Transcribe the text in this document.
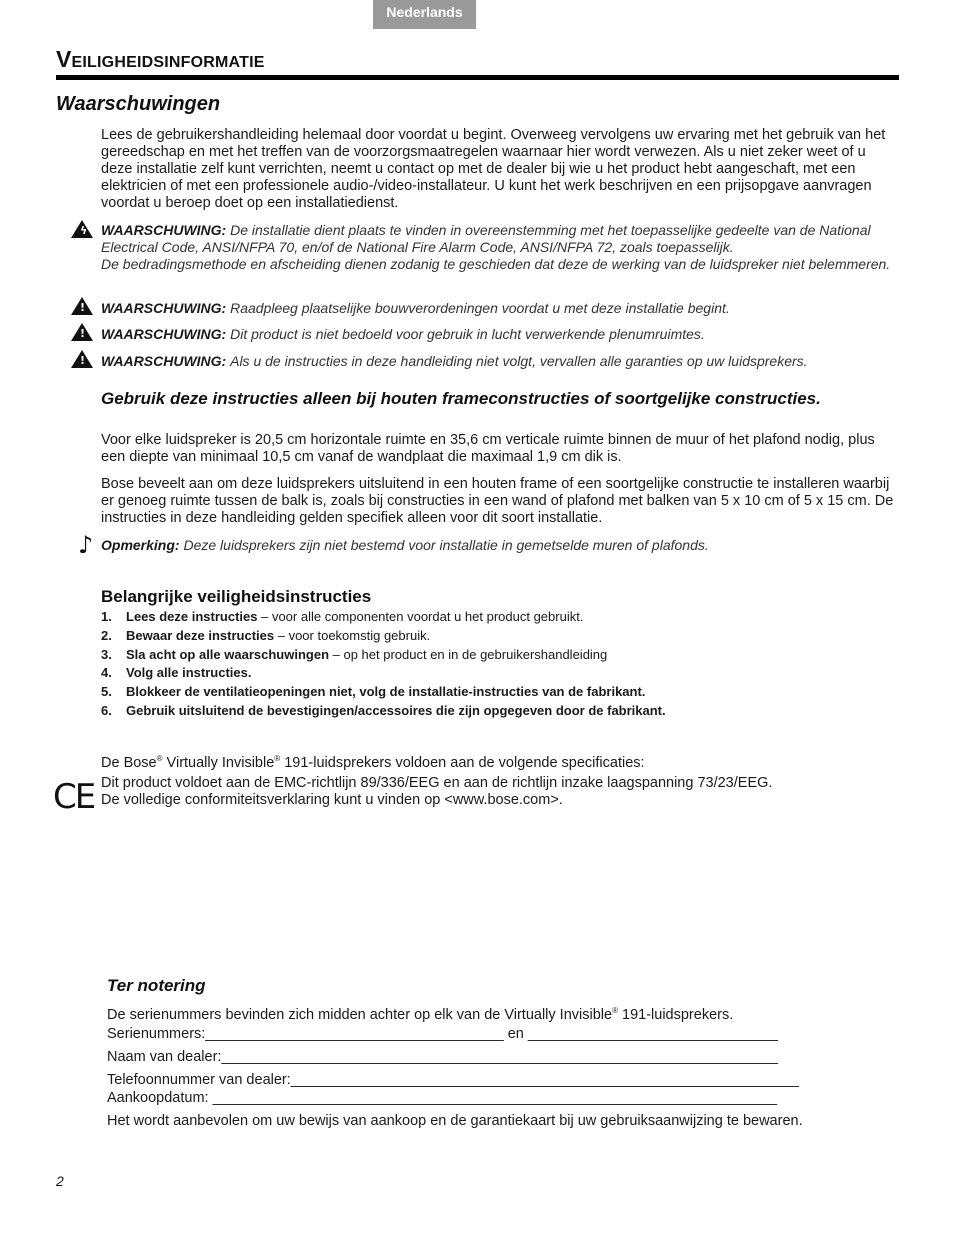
Nederlands
Veiligheidsinformatie
Waarschuwingen
Lees de gebruikershandleiding helemaal door voordat u begint. Overweeg vervolgens uw ervaring met het gebruik van het gereedschap en met het treffen van de voorzorgsmaatregelen waarnaar hier wordt verwezen. Als u niet zeker weet of u deze installatie zelf kunt verrichten, neemt u contact op met de dealer bij wie u het product hebt aangeschaft, met een elektricien of met een professionele audio-/video-installateur. U kunt het werk beschrijven en een prijsopgave aanvragen voordat u beroep doet op een installatiedienst.
ϟ WAARSCHUWING: De installatie dient plaats te vinden in overeenstemming met het toepasselijke gedeelte van de National Electrical Code, ANSI/NFPA 70, en/of de National Fire Alarm Code, ANSI/NFPA 72, zoals toepasselijk.
De bedradingsmethode en afscheiding dienen zodanig te geschieden dat deze de werking van de luidspreker niet belemmeren.
! WAARSCHUWING: Raadpleeg plaatselijke bouwverordeningen voordat u met deze installatie begint.
! WAARSCHUWING: Dit product is niet bedoeld voor gebruik in lucht verwerkende plenumruimtes.
! WAARSCHUWING: Als u de instructies in deze handleiding niet volgt, vervallen alle garanties op uw luidsprekers.
Gebruik deze instructies alleen bij houten frameconstructies of soortgelijke constructies.
Voor elke luidspreker is 20,5 cm horizontale ruimte en 35,6 cm verticale ruimte binnen de muur of het plafond nodig, plus een diepte van minimaal 10,5 cm vanaf de wandplaat die maximaal 1,9 cm dik is.
Bose beveelt aan om deze luidsprekers uitsluitend in een houten frame of een soortgelijke constructie te installeren waarbij er genoeg ruimte tussen de balk is, zoals bij constructies in een wand of plafond met balken van 5 x 10 cm of 5 x 15 cm. De instructies in deze handleiding gelden specifiek alleen voor dit soort installatie.
♪ Opmerking: Deze luidsprekers zijn niet bestemd voor installatie in gemetselde muren of plafonds.
Belangrijke veiligheidsinstructies
1. Lees deze instructies – voor alle componenten voordat u het product gebruikt.
2. Bewaar deze instructies – voor toekomstig gebruik.
3. Sla acht op alle waarschuwingen – op het product en in de gebruikershandleiding
4. Volg alle instructies.
5. Blokkeer de ventilatieopeningen niet, volg de installatie-instructies van de fabrikant.
6. Gebruik uitsluitend de bevestigingen/accessoires die zijn opgegeven door de fabrikant.
De Bose® Virtually Invisible® 191-luidsprekers voldoen aan de volgende specificaties:
CE Dit product voldoet aan de EMC-richtlijn 89/336/EEG en aan de richtlijn inzake laagspanning 73/23/EEG.
De volledige conformiteitsverklaring kunt u vinden op <www.bose.com>.
Ter notering
De serienummers bevinden zich midden achter op elk van de Virtually Invisible® 191-luidsprekers.
Serienummers:_____________________________________ en _______________________________
Naam van dealer:_____________________________________________________________________
Telefoonnummer van dealer:_______________________________________________________________
Aankoopdatum: ______________________________________________________________________
Het wordt aanbevolen om uw bewijs van aankoop en de garantiekaart bij uw gebruiksaanwijzing te bewaren.
2
